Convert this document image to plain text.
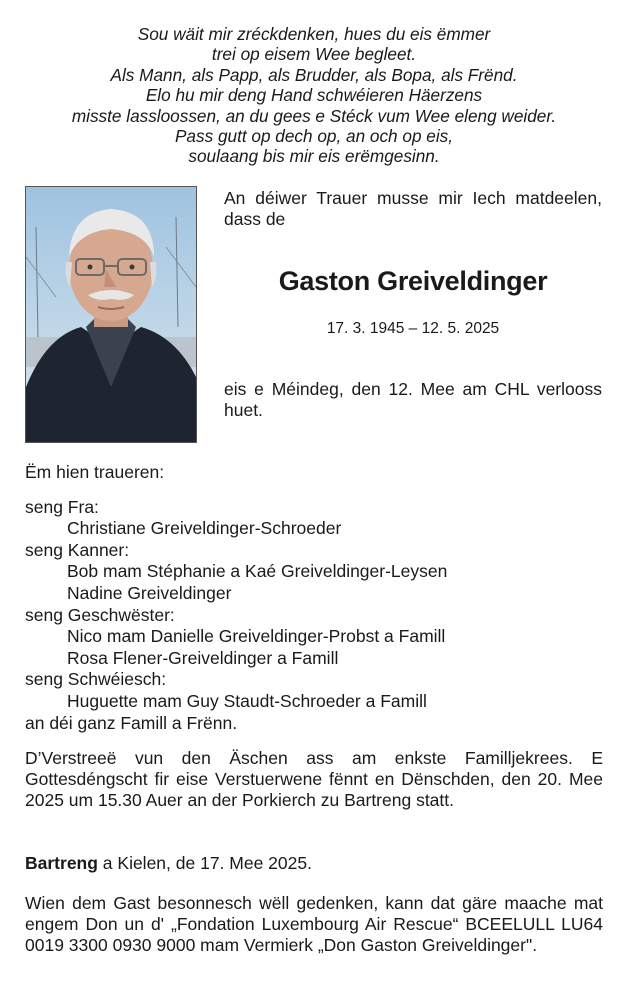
Sou wäit mir zréckdenken, hues du eis ëmmer
trei op eisem Wee begleet.
Als Mann, als Papp, als Brudder, als Bopa, als Frënd.
Elo hu mir deng Hand schwéieren Häerzens
misste lassloossen, an du gees e Stéck vum Wee eleng weider.
Pass gutt op dech op, an och op eis,
soulaang bis mir eis erëmgesinn.
An déiwer Trauer musse mir Iech matdeelen, dass de
Gaston Greiveldinger
17. 3. 1945 – 12. 5. 2025
eis e Méindeg, den 12. Mee am CHL verlooss huet.
Ëm hien traueren:
seng Fra:
Christiane Greiveldinger-Schroeder
seng Kanner:
Bob mam Stéphanie a Kaé Greiveldinger-Leysen
Nadine Greiveldinger
seng Geschwëster:
Nico mam Danielle Greiveldinger-Probst a Famill
Rosa Flener-Greiveldinger a Famill
seng Schwéiesch:
Huguette mam Guy Staudt-Schroeder a Famill
an déi ganz Famill a Frënn.
D’Verstreeë vun den Äschen ass am enkste Familljekrees. E Gottesdéngscht fir eise Verstuerwene fënnt en Dënschden, den 20. Mee 2025 um 15.30 Auer an der Porkierch zu Bartreng statt.
Bartreng a Kielen, de 17. Mee 2025.
Wien dem Gast besonnesch wëll gedenken, kann dat gäre maache mat engem Don un d' „Fondation Luxembourg Air Rescue“ BCEELULL LU64 0019 3300 0930 9000 mam Vermierk „Don Gaston Greiveldinger".
